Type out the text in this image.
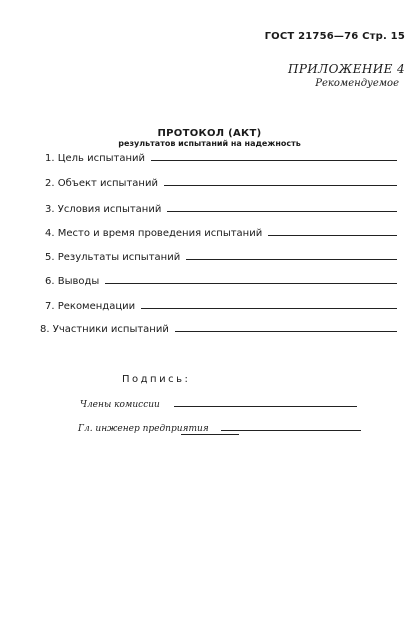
ГОСТ 21756—76 Стр. 15
ПРИЛОЖЕНИЕ 4
Рекомендуемое
ПРОТОКОЛ (АКТ)
результатов испытаний на надежность
1. Цель испытаний
2. Объект испытаний
3. Условия испытаний
4. Место и время проведения испытаний
5. Результаты испытаний
6. Выводы
7. Рекомендации
8. Участники испытаний
Подпись:
Члены комиссии
Гл. инженер предприятия
